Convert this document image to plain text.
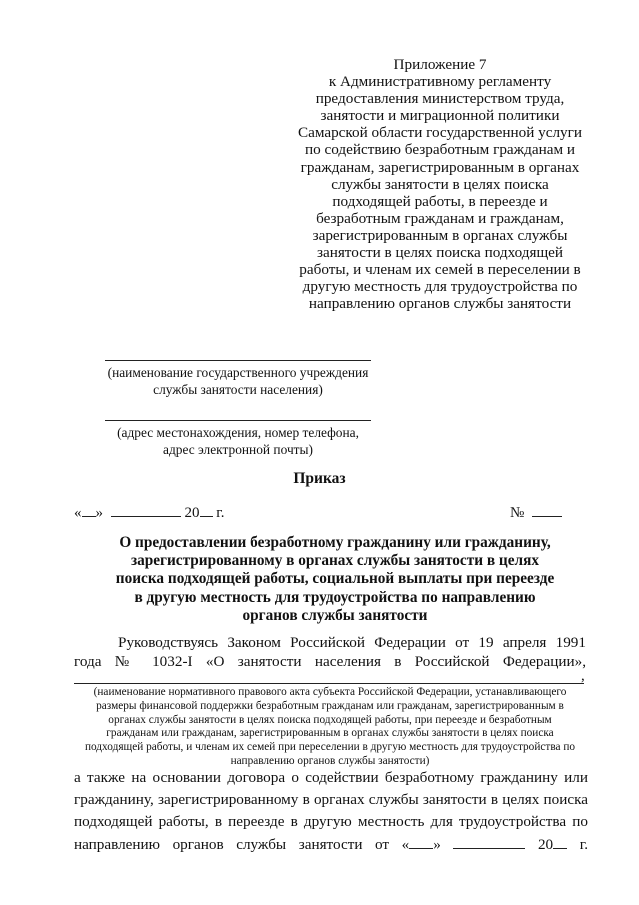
Приложение 7
к Административному регламенту
предоставления министерством труда,
занятости и миграционной политики
Самарской области государственной услуги
по содействию безработным гражданам и
гражданам, зарегистрированным в органах
службы занятости в целях поиска
подходящей работы, в переезде и
безработным гражданам и гражданам,
зарегистрированным в органах службы
занятости в целях поиска подходящей
работы, и членам их семей в переселении в
другую местность для трудоустройства по
направлению органов службы занятости
(наименование государственного учреждения
службы занятости населения)
(адрес местонахождения, номер телефона,
адрес электронной почты)
Приказ
« »	20 г.	№
О предоставлении безработному гражданину или гражданину,
зарегистрированному в органах службы занятости в целях
поиска подходящей работы, социальной выплаты при переезде
в другую местность для трудоустройства по направлению
органов службы занятости
Руководствуясь Законом Российской Федерации от 19 апреля 1991
года № 1032-I «О занятости населения в Российской Федерации»,
,
(наименование нормативного правового акта субъекта Российской Федерации, устанавливающего
размеры финансовой поддержки безработным гражданам или гражданам, зарегистрированным в
органах службы занятости в целях поиска подходящей работы, при переезде и безработным
гражданам или гражданам, зарегистрированным в органах службы занятости в целях поиска
подходящей работы, и членам их семей при переселении в другую местность для трудоустройства по
направлению органов службы занятости)
а также на основании договора о содействии безработному гражданину или
гражданину, зарегистрированному в органах службы занятости в целях поиска
подходящей работы, в переезде в другую местность для трудоустройства по
направлению органов службы занятости от « »	20 г.
